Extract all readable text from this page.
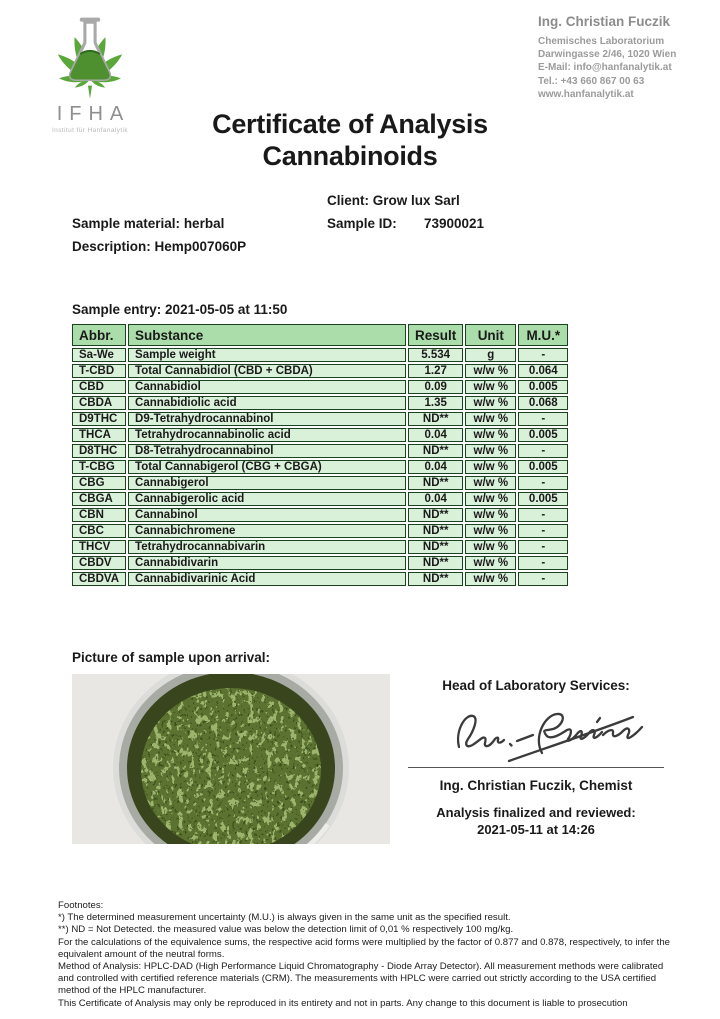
IFHA
Institut für Hanfanalytik
Ing. Christian Fuczik
Chemisches Laboratorium
Darwingasse 2/46, 1020 Wien
E-Mail: info@hanfanalytik.at
Tel.: +43 660 867 00 63
www.hanfanalytik.at
Certificate of Analysis
Cannabinoids
Client: Grow lux Sarl
Sample material: herbal	Sample ID: 73900021
Description: Hemp007060P
Sample entry: 2021-05-05 at 11:50
Abbr.	Substance	Result	Unit	M.U.*
Sa-We	Sample weight	5.534	g	-
T-CBD	Total Cannabidiol (CBD + CBDA)	1.27	w/w %	0.064
CBD	Cannabidiol	0.09	w/w %	0.005
CBDA	Cannabidiolic acid	1.35	w/w %	0.068
D9THC	D9-Tetrahydrocannabinol	ND**	w/w %	-
THCA	Tetrahydrocannabinolic acid	0.04	w/w %	0.005
D8THC	D8-Tetrahydrocannabinol	ND**	w/w %	-
T-CBG	Total Cannabigerol (CBG + CBGA)	0.04	w/w %	0.005
CBG	Cannabigerol	ND**	w/w %	-
CBGA	Cannabigerolic acid	0.04	w/w %	0.005
CBN	Cannabinol	ND**	w/w %	-
CBC	Cannabichromene	ND**	w/w %	-
THCV	Tetrahydrocannabivarin	ND**	w/w %	-
CBDV	Cannabidivarin	ND**	w/w %	-
CBDVA	Cannabidivarinic Acid	ND**	w/w %	-
Picture of sample upon arrival:
Head of Laboratory Services:
Ing. Christian Fuczik, Chemist
Analysis finalized and reviewed:
2021-05-11 at 14:26
Footnotes:
*) The determined measurement uncertainty (M.U.) is always given in the same unit as the specified result.
**) ND = Not Detected. the measured value was below the detection limit of 0,01 % respectively 100 mg/kg.
For the calculations of the equivalence sums, the respective acid forms were multiplied by the factor of 0.877 and 0.878, respectively, to infer the equivalent amount of the neutral forms.
Method of Analysis: HPLC-DAD (High Performance Liquid Chromatography - Diode Array Detector). All measurement methods were calibrated and controlled with certified reference materials (CRM). The measurements with HPLC were carried out strictly according to the USA certified method of the HPLC manufacturer.
This Certificate of Analysis may only be reproduced in its entirety and not in parts. Any change to this document is liable to prosecution
